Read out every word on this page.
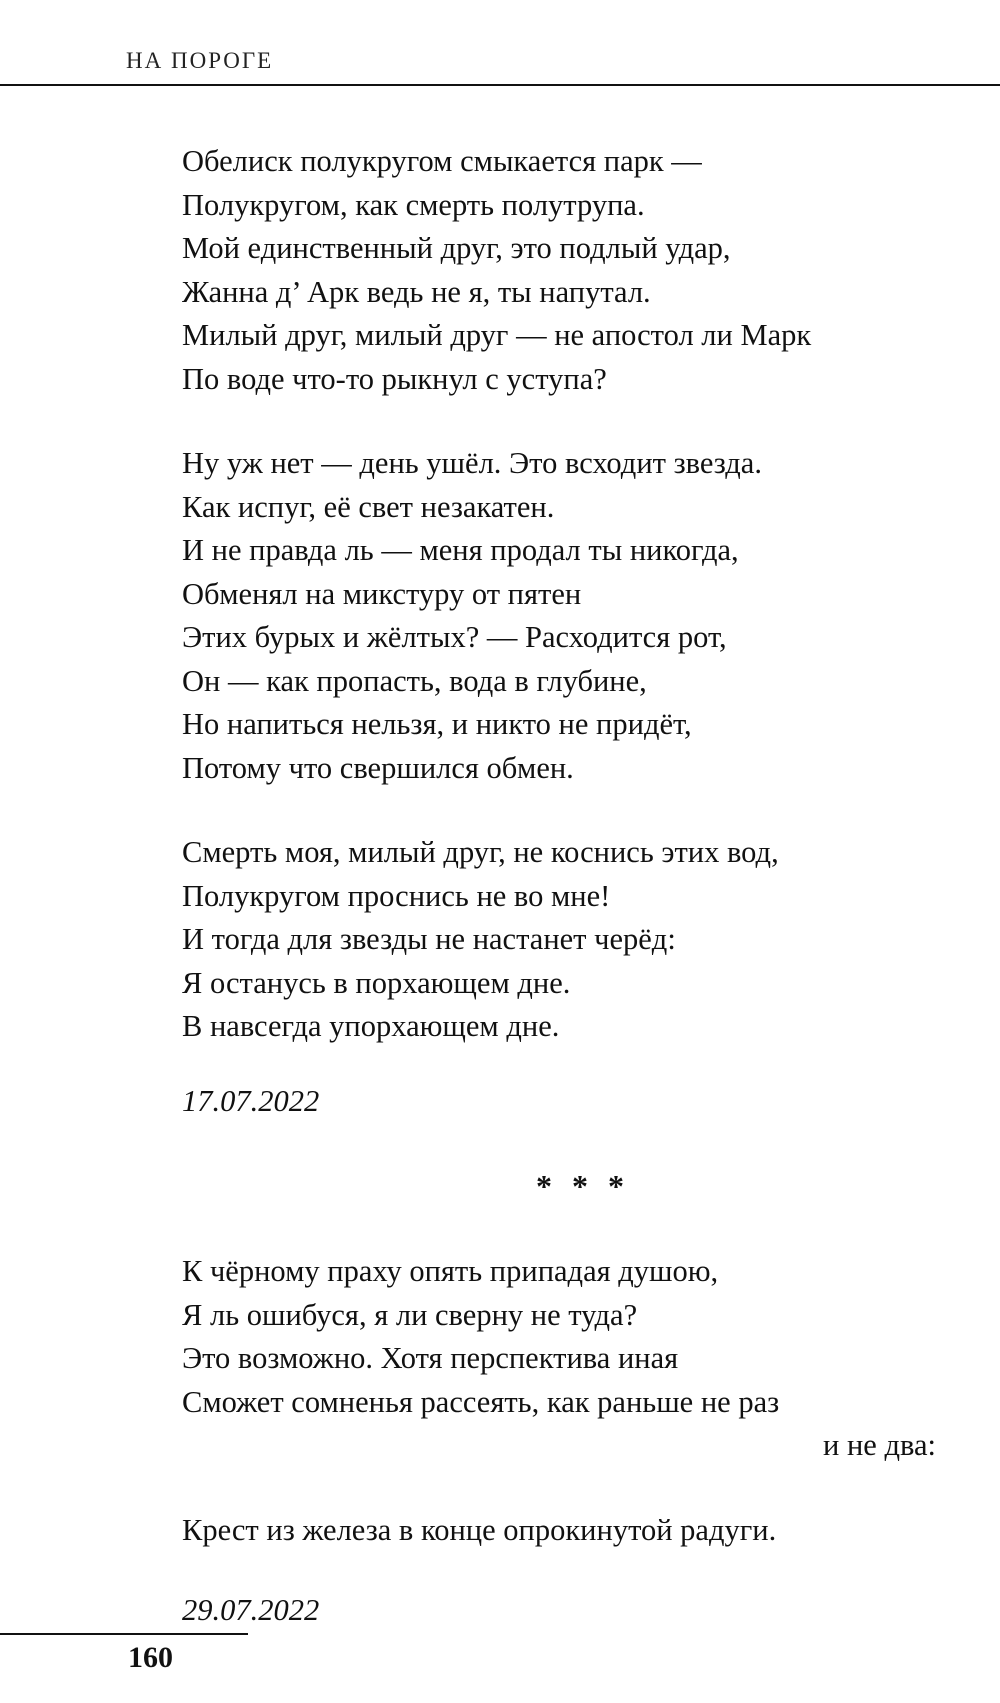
НА ПОРОГЕ
Обелиск полукругом смыкается парк —
Полукругом, как смерть полутрупа.
Мой единственный друг, это подлый удар,
Жанна д’ Арк ведь не я, ты напутал.
Милый друг, милый друг — не апостол ли Марк
По воде что-то рыкнул с уступа?
Ну уж нет — день ушёл. Это всходит звезда.
Как испуг, её свет незакатен.
И не правда ль — меня продал ты никогда,
Обменял на микстуру от пятен
Этих бурых и жёлтых? — Расходится рот,
Он — как пропасть, вода в глубине,
Но напиться нельзя, и никто не придёт,
Потому что свершился обмен.
Смерть моя, милый друг, не коснись этих вод,
Полукругом проснись не во мне!
И тогда для звезды не настанет черёд:
Я останусь в порхающем дне.
В навсегда упорхающем дне.
17.07.2022
* * *
К чёрному праху опять припадая душою,
Я ль ошибуся, я ли сверну не туда?
Это возможно. Хотя перспектива иная
Сможет сомненья рассеять, как раньше не раз
и не два:
Крест из железа в конце опрокинутой радуги.
29.07.2022
160
